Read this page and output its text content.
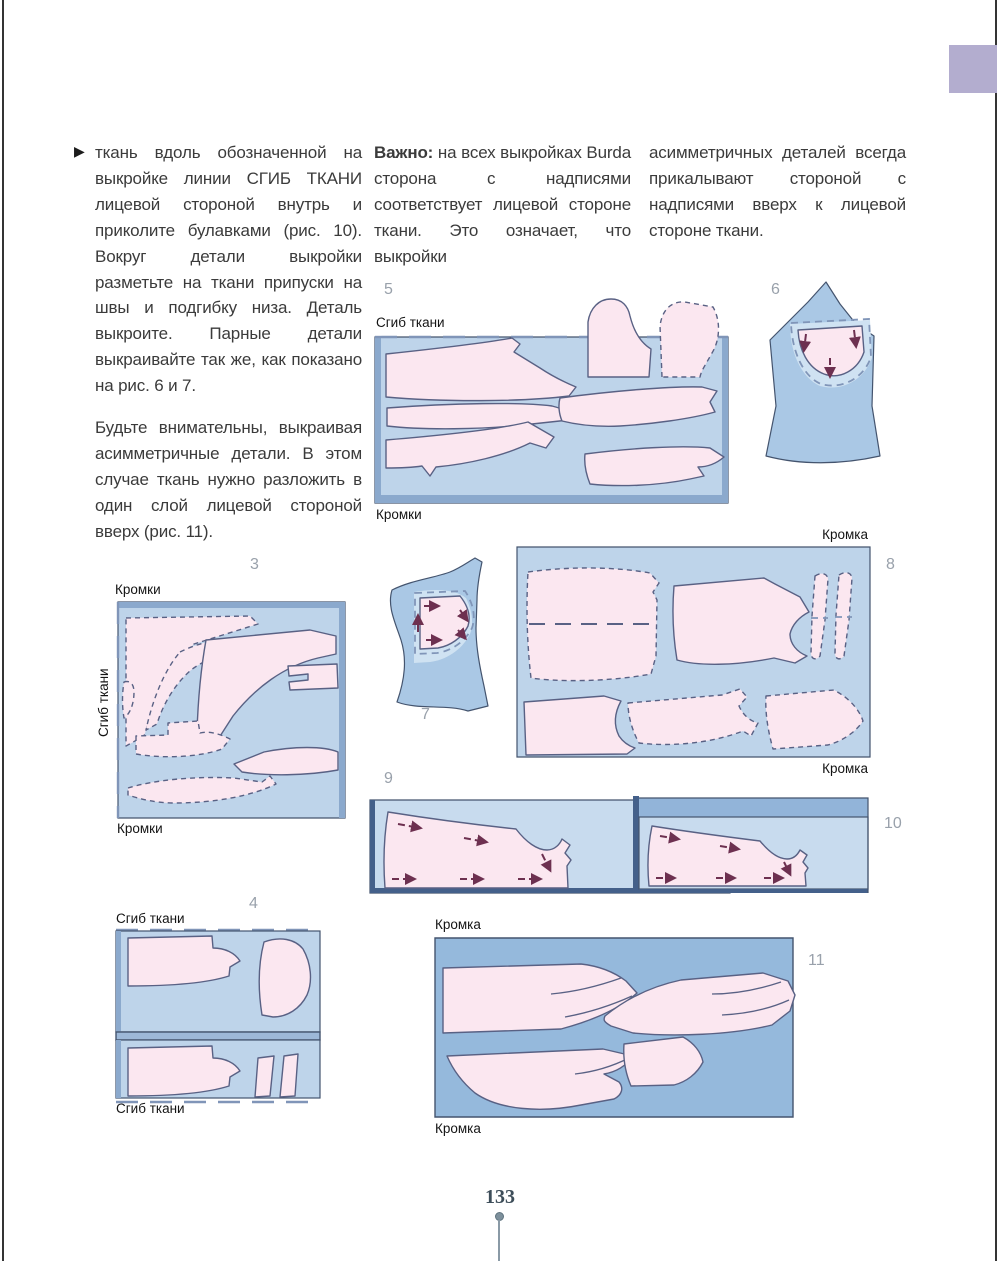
▶ ткань вдоль обозначенной на выкройке линии СГИБ ТКАНИ лицевой стороной внутрь и приколите булавками (рис. 10). Вокруг детали выкройки разметьте на ткани припуски на швы и подгибку низа. Деталь выкроите. Парные детали выкраивайте так же, как показано на рис. 6 и 7.

Будьте внимательны, выкраивая асимметричные детали. В этом случае ткань нужно разложить в один слой лицевой стороной вверх (рис. 11).

Важно: на всех выкройках Burda сторона с надписями соответствует лицевой стороне ткани. Это означает, что выкройки

асимметричных деталей всегда прикалывают стороной с надписями вверх к лицевой стороне ткани.

5
Сгиб ткани
Кромки
6
3
Кромки
Сгиб ткани
Кромки
7
Кромка
8
Кромка
9
10
Кромка
11
Кромка
4
Сгиб ткани
Сгиб ткани
133
